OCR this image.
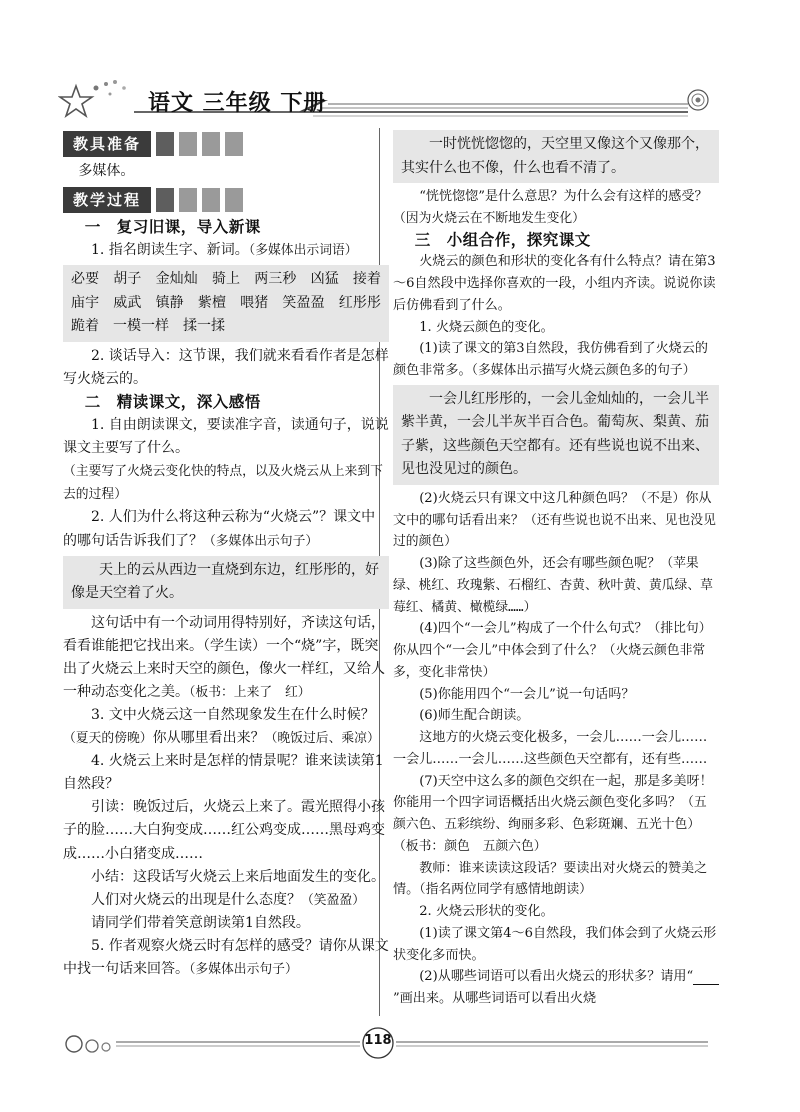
语文 三年级 下册
教具准备

多媒体。

教学过程

一　复习旧课，导入新课

1. 指名朗读生字、新词。（多媒体出示词语）

必要　胡子　金灿灿　骑上　两三秒　凶猛　接着　庙宇　威武　镇静　紫檀　喂猪　笑盈盈　红彤彤　跪着　一模一样　揉一揉

2. 谈话导入：这节课，我们就来看看作者是怎样写火烧云的。

二　精读课文，深入感悟

1. 自由朗读课文，要读准字音，读通句子，说说课文主要写了什么。

（主要写了火烧云变化快的特点，以及火烧云从上来到下去的过程）

2. 人们为什么将这种云称为“火烧云”？课文中的哪句话告诉我们了？（多媒体出示句子）

天上的云从西边一直烧到东边，红彤彤的，好像是天空着了火。

这句话中有一个动词用得特别好，齐读这句话，看看谁能把它找出来。（学生读）一个“烧”字，既突出了火烧云上来时天空的颜色，像火一样红，又给人一种动态变化之美。（板书：上来了　红）

3. 文中火烧云这一自然现象发生在什么时候？（夏天的傍晚）你从哪里看出来？（晚饭过后、乘凉）

4. 火烧云上来时是怎样的情景呢？谁来读读第1自然段？

引读：晚饭过后，火烧云上来了。霞光照得小孩子的脸……大白狗变成……红公鸡变成……黑母鸡变成……小白猪变成……

小结：这段话写火烧云上来后地面发生的变化。

人们对火烧云的出现是什么态度？（笑盈盈）

请同学们带着笑意朗读第1自然段。

5. 作者观察火烧云时有怎样的感受？请你从课文中找一句话来回答。（多媒体出示句子）

一时恍恍惚惚的，天空里又像这个又像那个，其实什么也不像，什么也看不清了。

“恍恍惚惚”是什么意思？为什么会有这样的感受？（因为火烧云在不断地发生变化）

三　小组合作，探究课文

火烧云的颜色和形状的变化各有什么特点？请在第3～6自然段中选择你喜欢的一段，小组内齐读。说说你读后仿佛看到了什么。

1. 火烧云颜色的变化。

(1)读了课文的第3自然段，我仿佛看到了火烧云的颜色非常多。（多媒体出示描写火烧云颜色多的句子）

一会儿红彤彤的，一会儿金灿灿的，一会儿半紫半黄，一会儿半灰半百合色。葡萄灰、梨黄、茄子紫，这些颜色天空都有。还有些说也说不出来、见也没见过的颜色。

(2)火烧云只有课文中这几种颜色吗？（不是）你从文中的哪句话看出来？（还有些说也说不出来、见也没见过的颜色）

(3)除了这些颜色外，还会有哪些颜色呢？（苹果绿、桃红、玫瑰紫、石榴红、杏黄、秋叶黄、黄瓜绿、草莓红、橘黄、橄榄绿……）

(4)四个“一会儿”构成了一个什么句式？（排比句）你从四个“一会儿”中体会到了什么？（火烧云颜色非常多，变化非常快）

(5)你能用四个“一会儿”说一句话吗？

(6)师生配合朗读。

这地方的火烧云变化极多，一会儿……一会儿……一会儿……一会儿……这些颜色天空都有，还有些……

(7)天空中这么多的颜色交织在一起，那是多美呀！你能用一个四字词语概括出火烧云颜色变化多吗？（五颜六色、五彩缤纷、绚丽多彩、色彩斑斓、五光十色）（板书：颜色　五颜六色）

教师：谁来读读这段话？要读出对火烧云的赞美之情。（指名两位同学有感情地朗读）

2. 火烧云形状的变化。

(1)读了课文第4～6自然段，我们体会到了火烧云形状变化多而快。

(2)从哪些词语可以看出火烧云的形状多？请用“　　”画出来。从哪些词语可以看出火烧

118
